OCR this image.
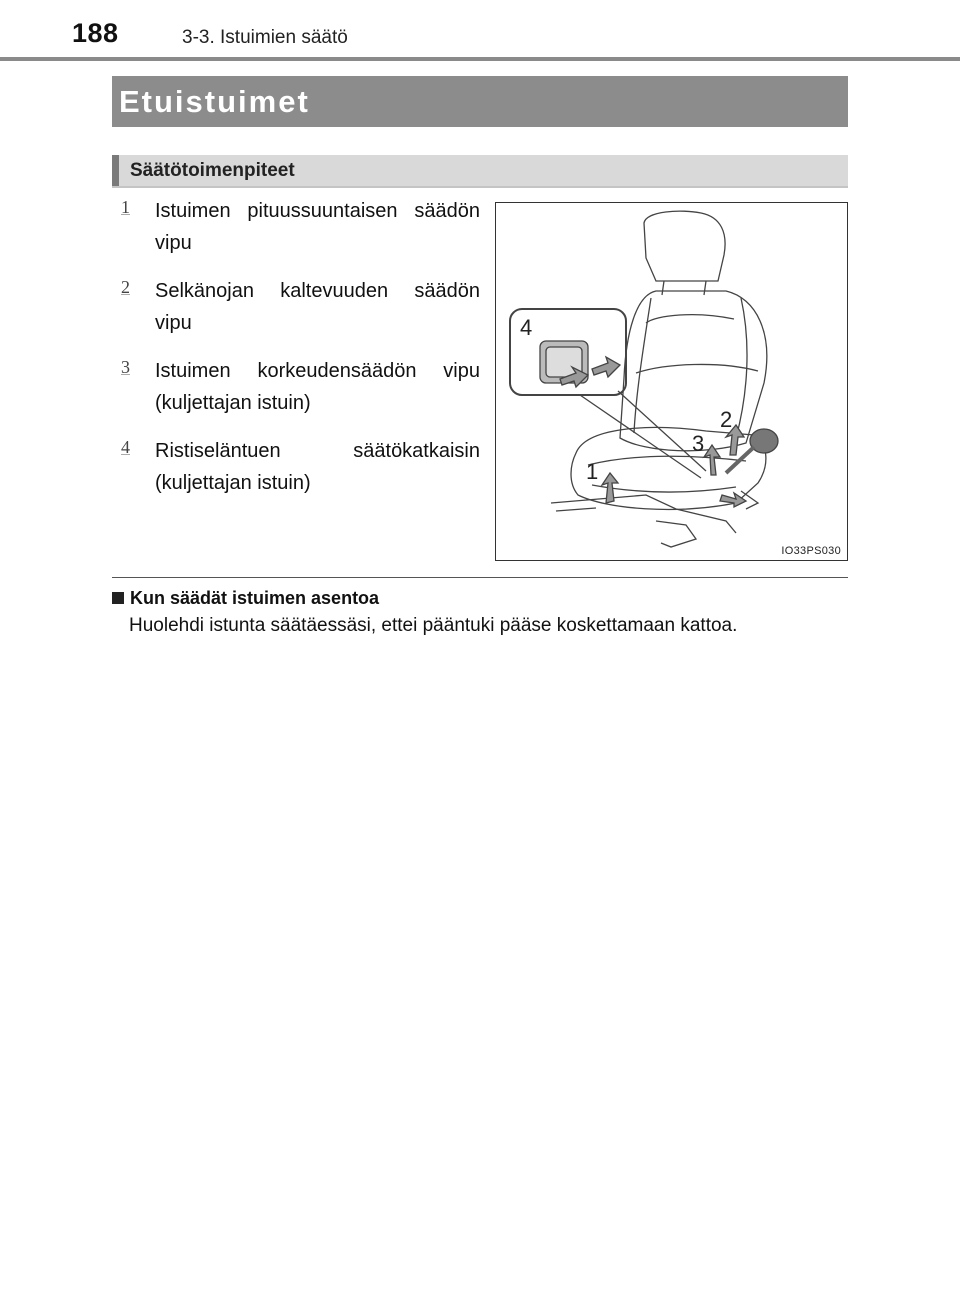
188	3-3. Istuimien säätö
Etuistuimet
Säätötoimenpiteet
1 Istuimen pituussuuntaisen säädön vipu
2 Selkänojan kaltevuuden säädön vipu
3 Istuimen korkeudensäädön vipu (kuljettajan istuin)
4 Ristiseläntuen säätökatkaisin (kuljettajan istuin)
4
2
3
1
IO33PS030
Kun säädät istuimen asentoa
Huolehdi istunta säätäessäsi, ettei pääntuki pääse koskettamaan kattoa.
